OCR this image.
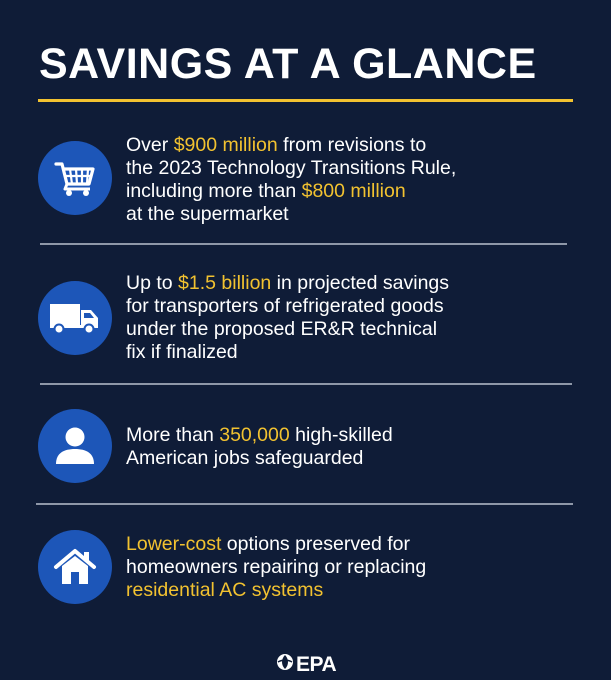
SAVINGS AT A GLANCE
Over $900 million from revisions to
the 2023 Technology Transitions Rule,
including more than $800 million
at the supermarket
Up to $1.5 billion in projected savings
for transporters of refrigerated goods
under the proposed ER&R technical
fix if finalized
More than 350,000 high-skilled
American jobs safeguarded
Lower-cost options preserved for
homeowners repairing or replacing
residential AC systems
EPA
